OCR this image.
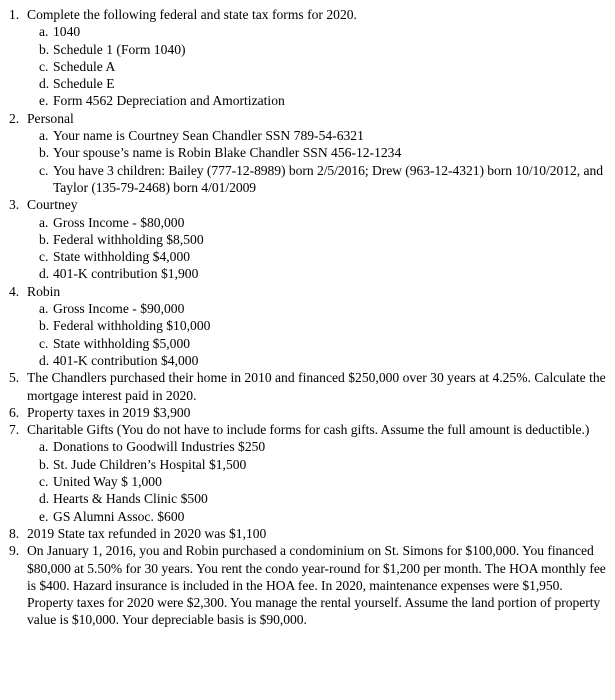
1. Complete the following federal and state tax forms for 2020.
a. 1040
b. Schedule 1 (Form 1040)
c. Schedule A
d. Schedule E
e. Form 4562 Depreciation and Amortization
2. Personal
a. Your name is Courtney Sean Chandler SSN 789-54-6321
b. Your spouse’s name is Robin Blake Chandler SSN 456-12-1234
c. You have 3 children: Bailey (777-12-8989) born 2/5/2016; Drew (963-12-4321) born 10/10/2012, and Taylor (135-79-2468) born 4/01/2009
3. Courtney
a. Gross Income - $80,000
b. Federal withholding $8,500
c. State withholding $4,000
d. 401-K contribution $1,900
4. Robin
a. Gross Income - $90,000
b. Federal withholding $10,000
c. State withholding $5,000
d. 401-K contribution $4,000
5. The Chandlers purchased their home in 2010 and financed $250,000 over 30 years at 4.25%. Calculate the mortgage interest paid in 2020.
6. Property taxes in 2019 $3,900
7. Charitable Gifts (You do not have to include forms for cash gifts. Assume the full amount is deductible.)
a. Donations to Goodwill Industries $250
b. St. Jude Children’s Hospital $1,500
c. United Way $ 1,000
d. Hearts & Hands Clinic $500
e. GS Alumni Assoc. $600
8. 2019 State tax refunded in 2020 was $1,100
9. On January 1, 2016, you and Robin purchased a condominium on St. Simons for $100,000. You financed $80,000 at 5.50% for 30 years. You rent the condo year-round for $1,200 per month. The HOA monthly fee is $400. Hazard insurance is included in the HOA fee. In 2020, maintenance expenses were $1,950. Property taxes for 2020 were $2,300. You manage the rental yourself. Assume the land portion of property value is $10,000. Your depreciable basis is $90,000.
